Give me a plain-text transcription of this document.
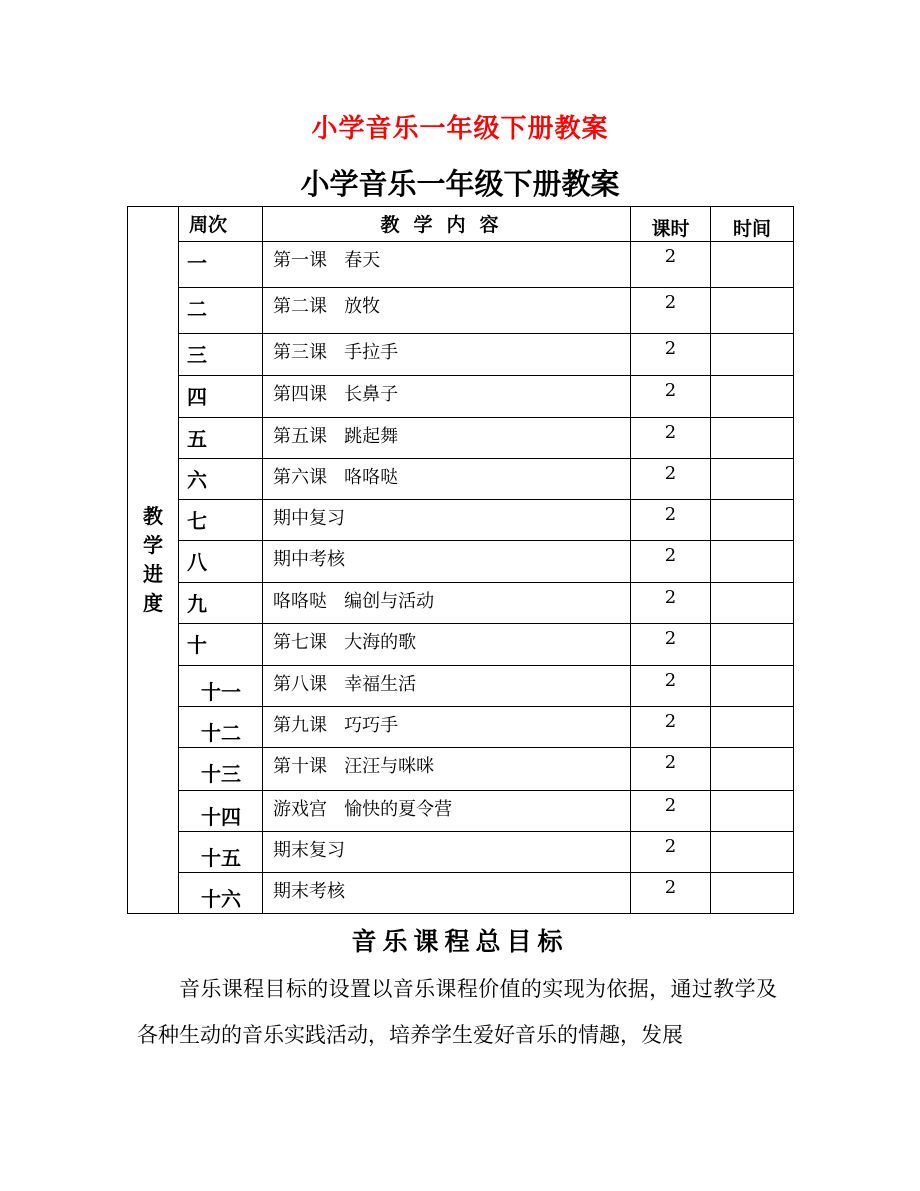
小学音乐一年级下册教案
小学音乐一年级下册教案
教
学
进
度	周次	教学内容	课时	时间
	一	第一课   春天	2	
	二	第二课   放牧	2	
	三	第三课   手拉手	2	
	四	第四课   长鼻子	2	
	五	第五课   跳起舞	2	
	六	第六课   咯咯哒	2	
	七	期中复习	2	
	八	期中考核	2	
	九	咯咯哒   编创与活动	2	
	十	第七课   大海的歌	2	
	十一	第八课   幸福生活	2	
	十二	第九课   巧巧手	2	
	十三	第十课   汪汪与咪咪	2	
	十四	游戏宫   愉快的夏令营	2	
	十五	期末复习	2	
	十六	期末考核	2	
音乐课程总目标
音乐课程目标的设置以音乐课程价值的实现为依据，通过教学及各种生动的音乐实践活动，培养学生爱好音乐的情趣，发展
